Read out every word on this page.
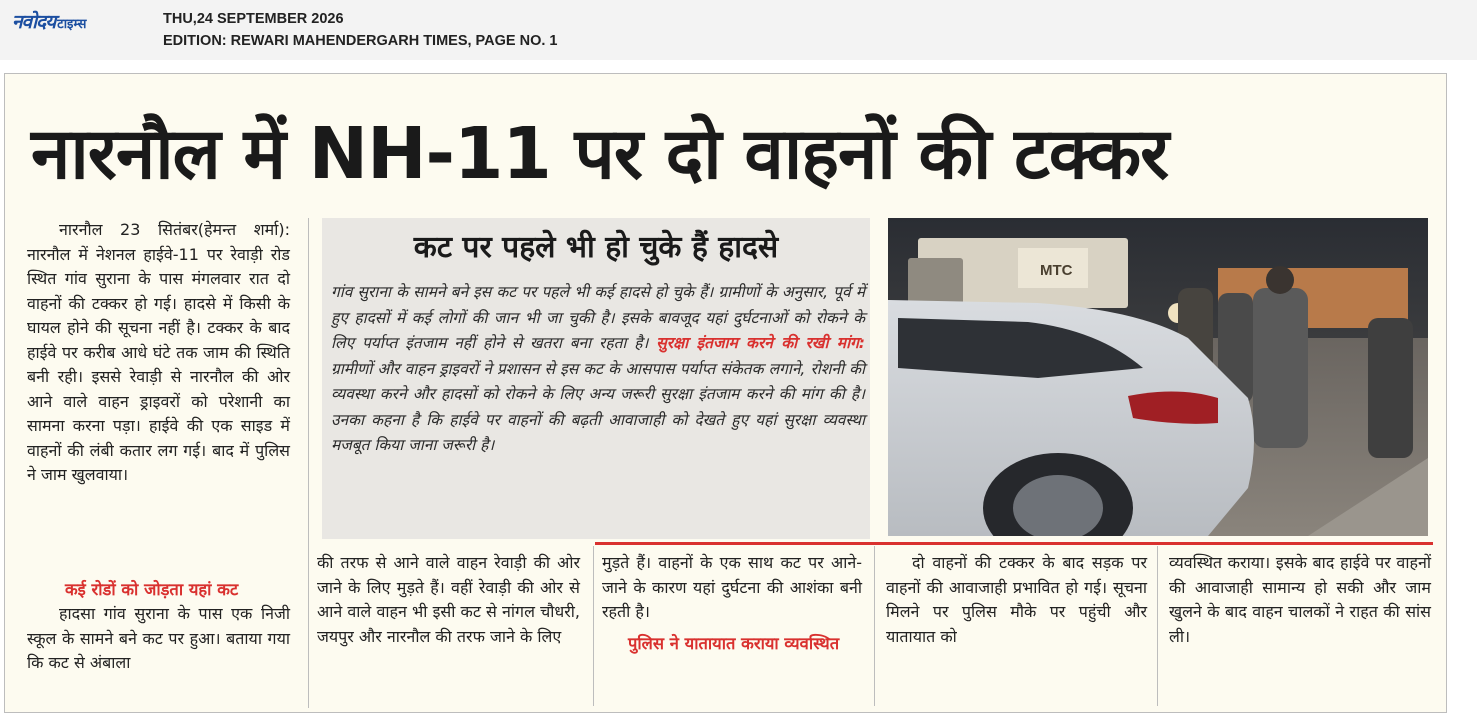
नवोदय टाइम्स	THU,24 SEPTEMBER 2026
EDITION: REWARI MAHENDERGARH TIMES, PAGE NO. 1
नारनौल में NH-11 पर दो वाहनों की टक्कर
नारनौल 23 सितंबर(हेमन्त शर्मा): नारनौल में नेशनल हाईवे-11 पर रेवाड़ी रोड स्थित गांव सुराना के पास मंगलवार रात दो वाहनों की टक्कर हो गई। हादसे में किसी के घायल होने की सूचना नहीं है। टक्कर के बाद हाईवे पर करीब आधे घंटे तक जाम की स्थिति बनी रही। इससे रेवाड़ी से नारनौल की ओर आने वाले वाहन ड्राइवरों को परेशानी का सामना करना पड़ा। हाईवे की एक साइड में वाहनों की लंबी कतार लग गई। बाद में पुलिस ने जाम खुलवाया।
कई रोडों को जोड़ता यहां कट
हादसा गांव सुराना के पास एक निजी स्कूल के सामने बने कट पर हुआ। बताया गया कि कट से अंबाला
कट पर पहले भी हो चुके हैं हादसे
गांव सुराना के सामने बने इस कट पर पहले भी कई हादसे हो चुके हैं। ग्रामीणों के अनुसार, पूर्व में हुए हादसों में कई लोगों की जान भी जा चुकी है। इसके बावजूद यहां दुर्घटनाओं को रोकने के लिए पर्याप्त इंतजाम नहीं होने से खतरा बना रहता है। सुरक्षा इंतजाम करने की रखी मांग: ग्रामीणों और वाहन ड्राइवरों ने प्रशासन से इस कट के आसपास पर्याप्त संकेतक लगाने, रोशनी की व्यवस्था करने और हादसों को रोकने के लिए अन्य जरूरी सुरक्षा इंतजाम करने की मांग की है। उनका कहना है कि हाईवे पर वाहनों की बढ़ती आवाजाही को देखते हुए यहां सुरक्षा व्यवस्था मजबूत किया जाना जरूरी है।
MTC
की तरफ से आने वाले वाहन रेवाड़ी की ओर जाने के लिए मुड़ते हैं। वहीं रेवाड़ी की ओर से आने वाले वाहन भी इसी कट से नांगल चौधरी, जयपुर और नारनौल की तरफ जाने के लिए
मुड़ते हैं। वाहनों के एक साथ कट पर आने-जाने के कारण यहां दुर्घटना की आशंका बनी रहती है।
पुलिस ने यातायात कराया व्यवस्थित
दो वाहनों की टक्कर के बाद सड़क पर वाहनों की आवाजाही प्रभावित हो गई। सूचना मिलने पर पुलिस मौके पर पहुंची और यातायात को
व्यवस्थित कराया। इसके बाद हाईवे पर वाहनों की आवाजाही सामान्य हो सकी और जाम खुलने के बाद वाहन चालकों ने राहत की सांस ली।
